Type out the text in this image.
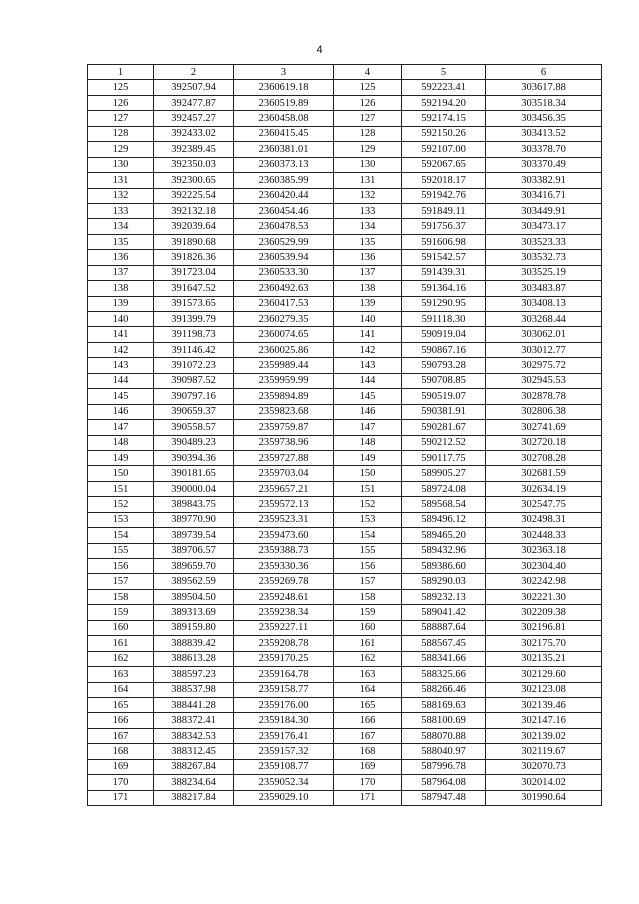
4
1	2	3	4	5	6
125	392507.94	2360619.18	125	592223.41	303617.88
126	392477.87	2360519.89	126	592194.20	303518.34
127	392457.27	2360458.08	127	592174.15	303456.35
128	392433.02	2360415.45	128	592150.26	303413.52
129	392389.45	2360381.01	129	592107.00	303378.70
130	392350.03	2360373.13	130	592067.65	303370.49
131	392300.65	2360385.99	131	592018.17	303382.91
132	392225.54	2360420.44	132	591942.76	303416.71
133	392132.18	2360454.46	133	591849.11	303449.91
134	392039.64	2360478.53	134	591756.37	303473.17
135	391890.68	2360529.99	135	591606.98	303523.33
136	391826.36	2360539.94	136	591542.57	303532.73
137	391723.04	2360533.30	137	591439.31	303525.19
138	391647.52	2360492.63	138	591364.16	303483.87
139	391573.65	2360417.53	139	591290.95	303408.13
140	391399.79	2360279.35	140	591118.30	303268.44
141	391198.73	2360074.65	141	590919.04	303062.01
142	391146.42	2360025.86	142	590867.16	303012.77
143	391072.23	2359989.44	143	590793.28	302975.72
144	390987.52	2359959.99	144	590708.85	302945.53
145	390797.16	2359894.89	145	590519.07	302878.78
146	390659.37	2359823.68	146	590381.91	302806.38
147	390558.57	2359759.87	147	590281.67	302741.69
148	390489.23	2359738.96	148	590212.52	302720.18
149	390394.36	2359727.88	149	590117.75	302708.28
150	390181.65	2359703.04	150	589905.27	302681.59
151	390000.04	2359657.21	151	589724.08	302634.19
152	389843.75	2359572.13	152	589568.54	302547.75
153	389770.90	2359523.31	153	589496.12	302498.31
154	389739.54	2359473.60	154	589465.20	302448.33
155	389706.57	2359388.73	155	589432.96	302363.18
156	389659.70	2359330.36	156	589386.60	302304.40
157	389562.59	2359269.78	157	589290.03	302242.98
158	389504.50	2359248.61	158	589232.13	302221.30
159	389313.69	2359238.34	159	589041.42	302209.38
160	389159.80	2359227.11	160	588887.64	302196.81
161	388839.42	2359208.78	161	588567.45	302175.70
162	388613.28	2359170.25	162	588341.66	302135.21
163	388597.23	2359164.78	163	588325.66	302129.60
164	388537.98	2359158.77	164	588266.46	302123.08
165	388441.28	2359176.00	165	588169.63	302139.46
166	388372.41	2359184.30	166	588100.69	302147.16
167	388342.53	2359176.41	167	588070.88	302139.02
168	388312.45	2359157.32	168	588040.97	302119.67
169	388267.84	2359108.77	169	587996.78	302070.73
170	388234.64	2359052.34	170	587964.08	302014.02
171	388217.84	2359029.10	171	587947.48	301990.64
